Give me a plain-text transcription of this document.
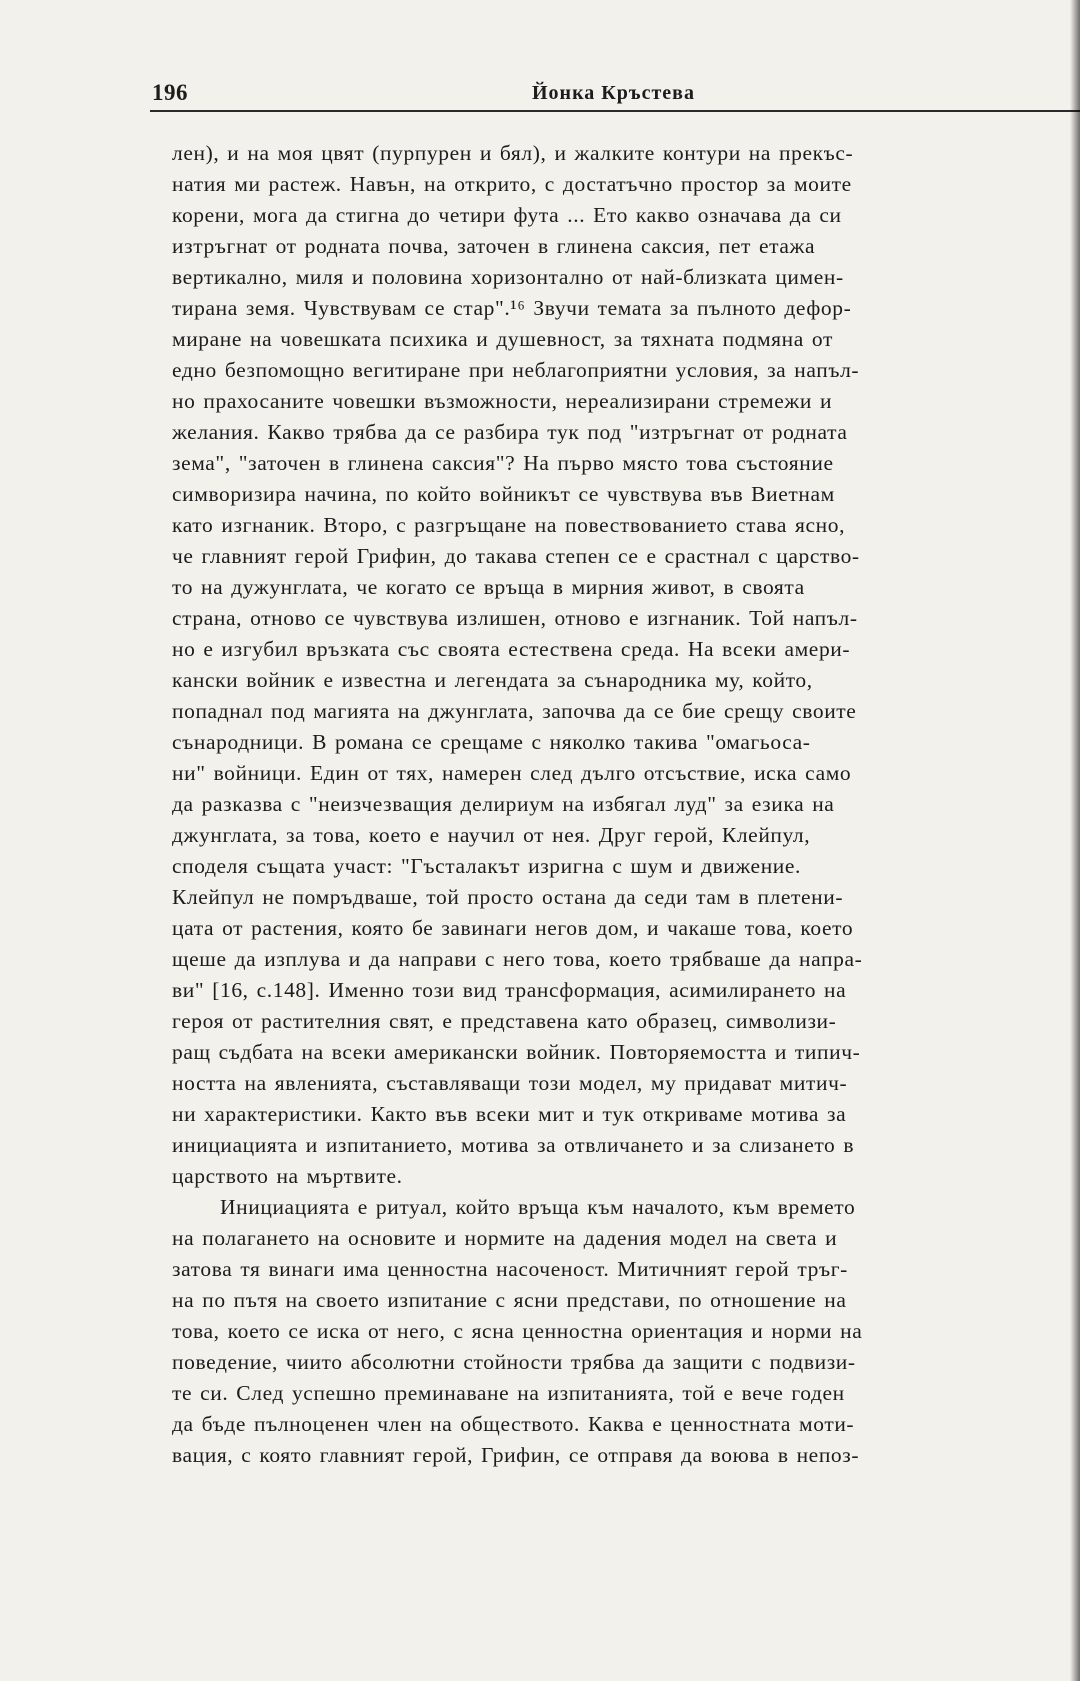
196	Йонка Кръстева
лен), и на моя цвят (пурпурен и бял), и жалките контури на прекъс-
натия ми растеж. Навън, на открито, с достатъчно простор за моите
корени, мога да стигна до четири фута ... Ето какво означава да си
изтръгнат от родната почва, заточен в глинена саксия, пет етажа
вертикално, миля и половина хоризонтално от най-близката цимен-
тирана земя. Чувствувам се стар".¹⁶ Звучи темата за пълното дефор-
миране на човешката психика и душевност, за тяхната подмяна от
едно безпомощно вегитиране при неблагоприятни условия, за напъл-
но прахосаните човешки възможности, нереализирани стремежи и
желания. Какво трябва да се разбира тук под "изтръгнат от родната
зема", "заточен в глинена саксия"? На първо място това състояние
симворизира начина, по който войникът се чувствува във Виетнам
като изгнаник. Второ, с разгръщане на повествованието става ясно,
че главният герой Грифин, до такава степен се е срастнал с царство-
то на дужунглата, че когато се връща в мирния живот, в своята
страна, отново се чувствува излишен, отново е изгнаник. Той напъл-
но е изгубил връзката със своята естествена среда. На всеки амери-
кански войник е известна и легендата за сънародника му, който,
попаднал под магията на джунглата, започва да се бие срещу своите
сънародници. В романа се срещаме с няколко такива "омагьоса-
ни" войници. Един от тях, намерен след дълго отсъствие, иска само
да разказва с "неизчезващия делириум на избягал луд" за езика на
джунглата, за това, което е научил от нея. Друг герой, Клейпул,
споделя същата участ: "Гъсталакът изригна с шум и движение.
Клейпул не помръдваше, той просто остана да седи там в плетени-
цата от растения, която бе завинаги негов дом, и чакаше това, което
щеше да изплува и да направи с него това, което трябваше да напра-
ви" [16, с.148]. Именно този вид трансформация, асимилирането на
героя от растителния свят, е представена като образец, символизи-
ращ съдбата на всеки американски войник. Повторяемостта и типич-
ността на явленията, съставляващи този модел, му придават митич-
ни характеристики. Както във всеки мит и тук откриваме мотива за
инициацията и изпитанието, мотива за отвличането и за слизането в
царството на мъртвите.
Инициацията е ритуал, който връща към началото, към времето
на полагането на основите и нормите на дадения модел на света и
затова тя винаги има ценностна насоченост. Митичният герой тръг-
на по пътя на своето изпитание с ясни представи, по отношение на
това, което се иска от него, с ясна ценностна ориентация и норми на
поведение, чиито абсолютни стойности трябва да защити с подвизи-
те си. След успешно преминаване на изпитанията, той е вече годен
да бъде пълноценен член на обществото. Каква е ценностната моти-
вация, с която главният герой, Грифин, се отправя да воюва в непоз-
